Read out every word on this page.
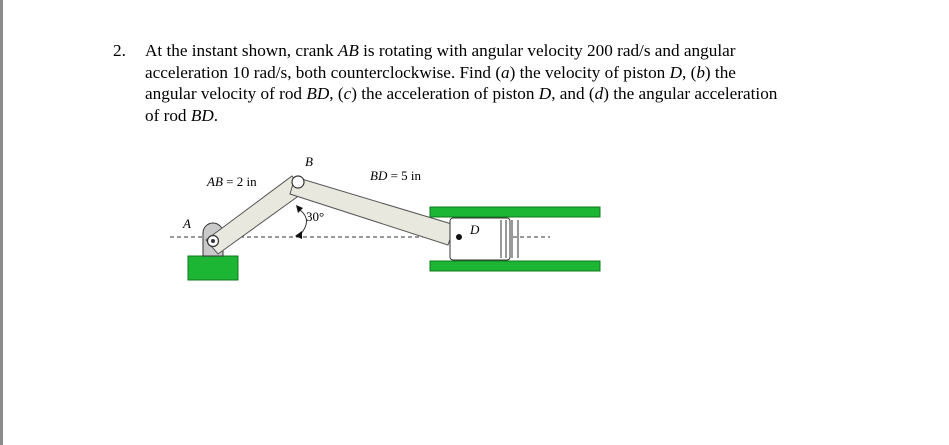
2. At the instant shown, crank AB is rotating with angular velocity 200 rad/s and angular
acceleration 10 rad/s, both counterclockwise. Find (a) the velocity of piston D, (b) the
angular velocity of rod BD, (c) the acceleration of piston D, and (d) the angular acceleration
of rod BD.
A
B
D
AB = 2 in	BD = 5 in
30°
